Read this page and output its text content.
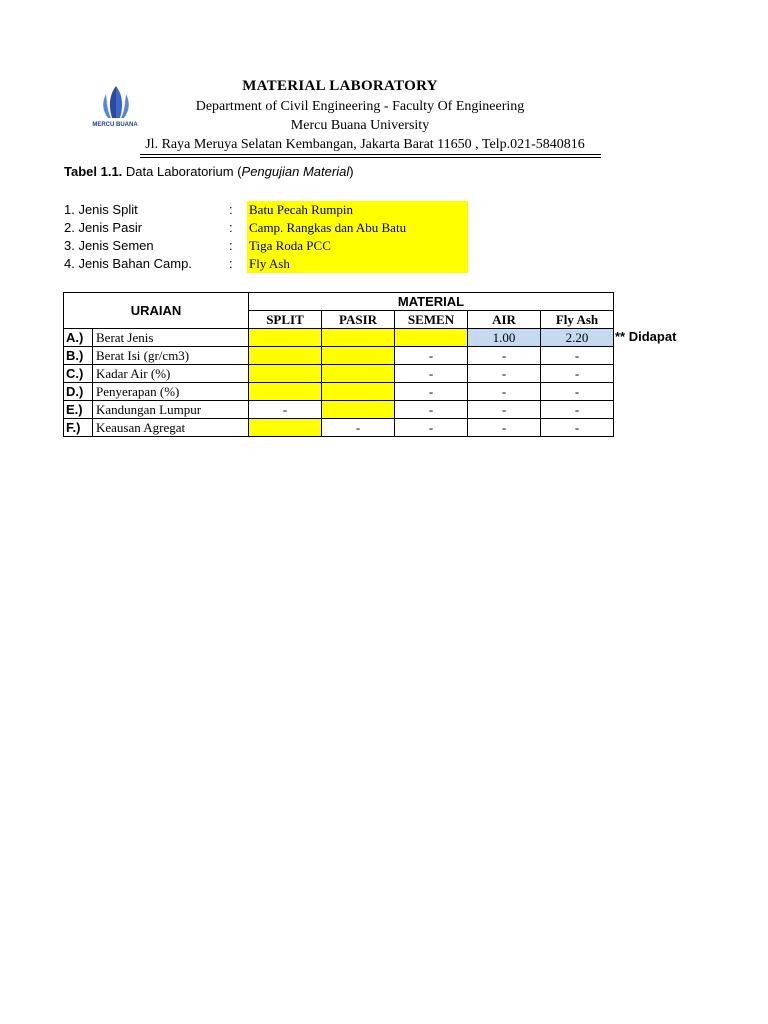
MERCU BUANA
MATERIAL LABORATORY
Department of Civil Engineering - Faculty Of Engineering
Mercu Buana University
Jl. Raya Meruya Selatan Kembangan, Jakarta Barat 11650 , Telp.021-5840816
Tabel 1.1. Data Laboratorium (Pengujian Material)
1. Jenis Split	: Batu Pecah Rumpin
2. Jenis Pasir	: Camp. Rangkas dan Abu Batu
3. Jenis Semen	: Tiga Roda PCC
4. Jenis Bahan Camp.	: Fly Ash
URAIAN		MATERIAL				
		SPLIT	PASIR	SEMEN	AIR	Fly Ash
A.)	Berat Jenis				1.00	2.20
B.)	Berat Isi (gr/cm3)			-	-	-
C.)	Kadar Air (%)			-	-	-
D.)	Penyerapan (%)			-	-	-
E.)	Kandungan Lumpur	-		-	-	-
F.)	Keausan Agregat		-	-	-	-
** Didapat
